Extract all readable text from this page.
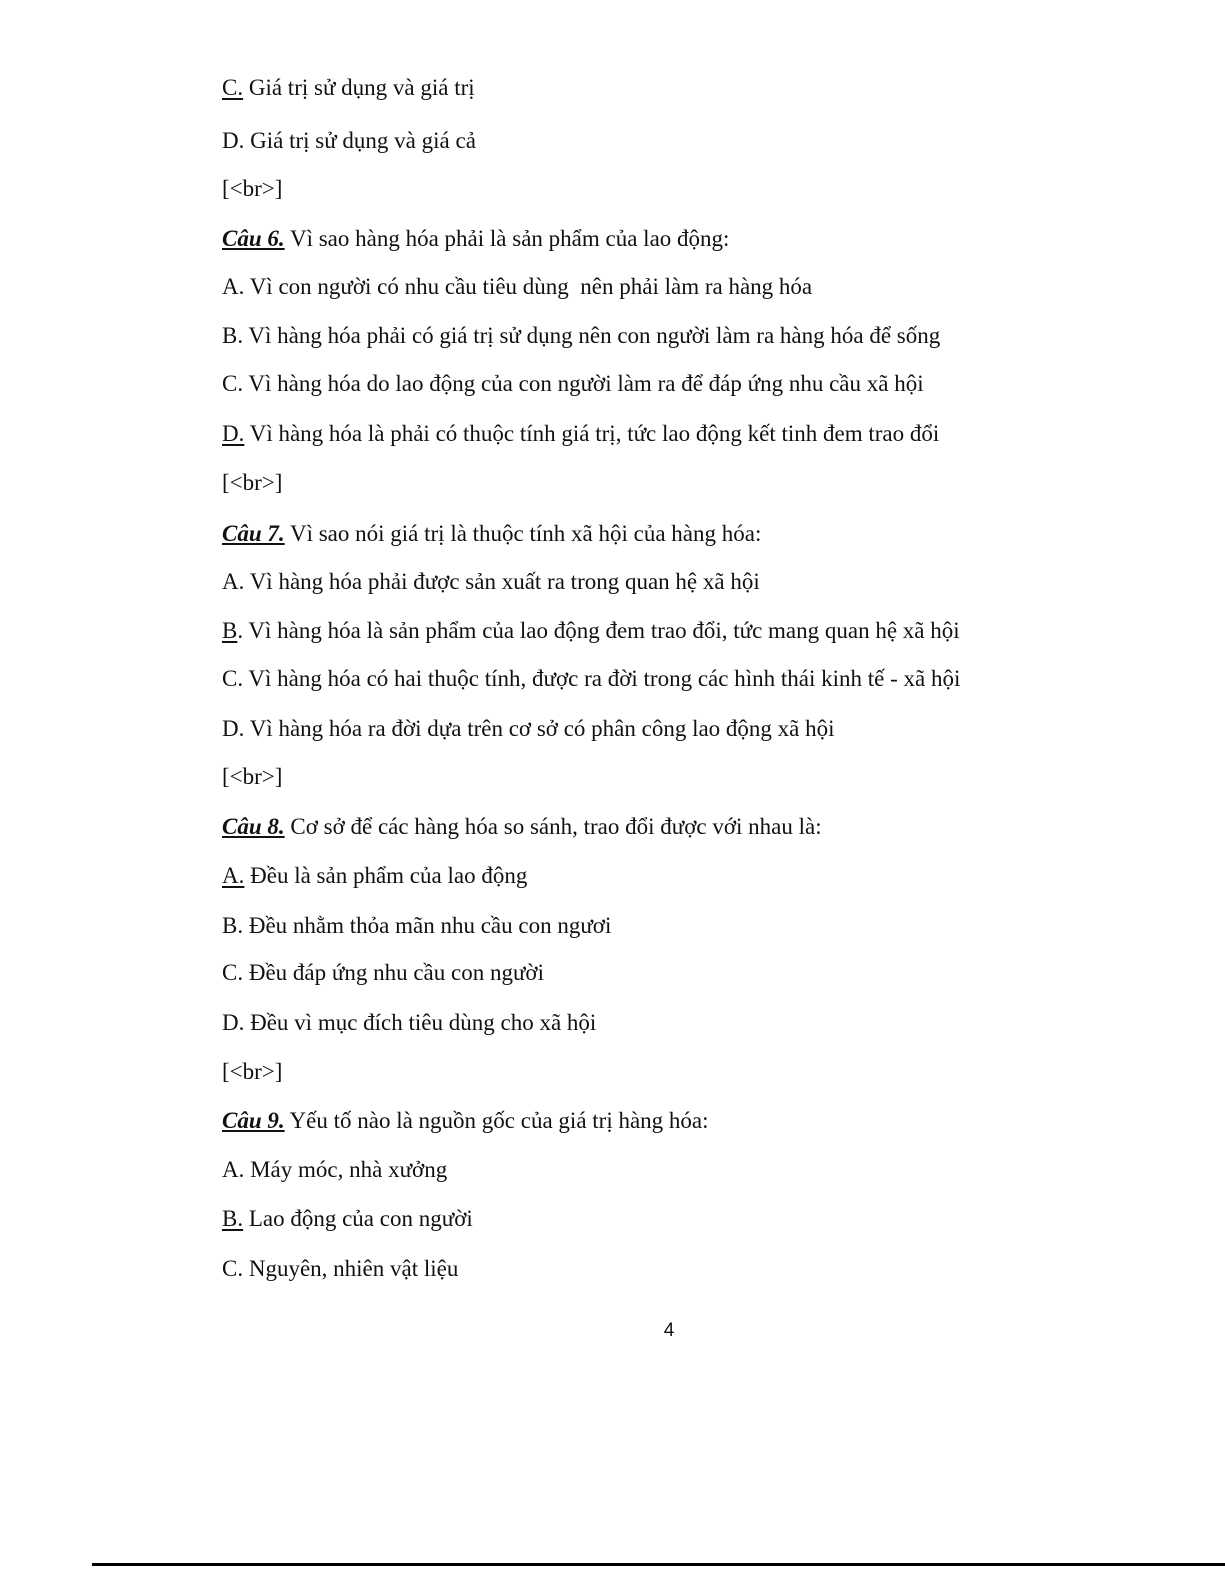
C. Giá trị sử dụng và giá trị
D. Giá trị sử dụng và giá cả
[<br>]
Câu 6. Vì sao hàng hóa phải là sản phẩm của lao động:
A. Vì con người có nhu cầu tiêu dùng  nên phải làm ra hàng hóa
B. Vì hàng hóa phải có giá trị sử dụng nên con người làm ra hàng hóa để sống
C. Vì hàng hóa do lao động của con người làm ra để đáp ứng nhu cầu xã hội
D. Vì hàng hóa là phải có thuộc tính giá trị, tức lao động kết tinh đem trao đổi
[<br>]
Câu 7. Vì sao nói giá trị là thuộc tính xã hội của hàng hóa:
A. Vì hàng hóa phải được sản xuất ra trong quan hệ xã hội
B. Vì hàng hóa là sản phẩm của lao động đem trao đổi, tức mang quan hệ xã hội
C. Vì hàng hóa có hai thuộc tính, được ra đời trong các hình thái kinh tế - xã hội
D. Vì hàng hóa ra đời dựa trên cơ sở có phân công lao động xã hội
[<br>]
Câu 8. Cơ sở để các hàng hóa so sánh, trao đổi được với nhau là:
A. Đều là sản phẩm của lao động
B. Đều nhằm thỏa mãn nhu cầu con ngươi
C. Đều đáp ứng nhu cầu con người
D. Đều vì mục đích tiêu dùng cho xã hội
[<br>]
Câu 9. Yếu tố nào là nguồn gốc của giá trị hàng hóa:
A. Máy móc, nhà xưởng
B. Lao động của con người
C. Nguyên, nhiên vật liệu
4
